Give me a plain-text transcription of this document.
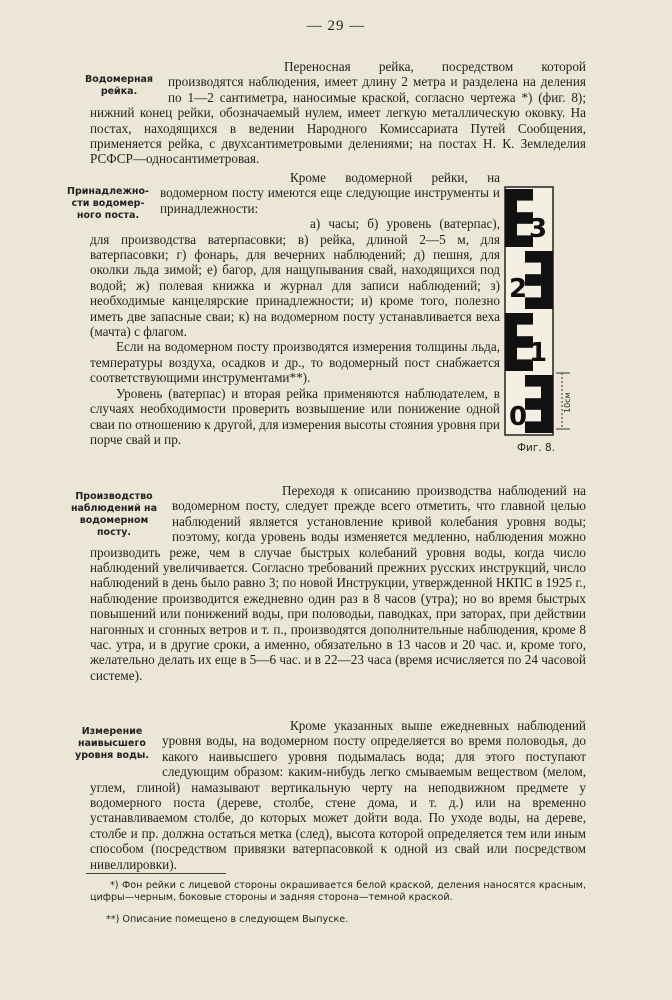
— 29 —
Водомерная рейка.
Принадлежно- сти водомер- ного поста.
Производство наблюдений на водомерном посту.
Измерение наивысшего уровня воды.

Переносная рейка, посредством которой производятся наблюдения, имеет длину 2 метра и разделена на деления по 1—2 сантиметра, наносимые краской, согласно чертежа *) (фиг. 8); нижний конец рейки, обозначаемый нулем, имеет легкую металлическую оковку. На постах, находящихся в ведении Народного Комиссариата Путей Сообщения, применяется рейка, с двухсантиметровыми делениями; на постах Н. К. Земледелия РСФСР—односантиметровая.

Кроме водомерной рейки, на водомерном посту имеются еще следующие инструменты и принадлежности:

а) часы; б) уровень (ватерпас), для производства ватерпасовки; в) рейка, длиной 2—5 м, для ватерпасовки; г) фонарь, для вечерних наблюдений; д) пешня, для околки льда зимой; е) багор, для нащупывания свай, находящихся под водой; ж) полевая книжка и журнал для записи наблюдений; з) необходимые канцелярские принадлежности; и) кроме того, полезно иметь две запасные сваи; к) на водомерном посту устанавливается веха (мачта) с флагом.

Если на водомерном посту производятся измерения толщины льда, температуры воздуха, осадков и др., то водомерный пост снабжается соответствующими инструментами**).

Уровень (ватерпас) и вторая рейка применяются наблюдателем, в случаях необходимости проверить возвышение или понижение одной сваи по отношению к другой, для измерения высоты стояния уровня при порче свай и пр.

3
2
1
0	10см
Фиг. 8.

Переходя к описанию производства наблюдений на водомерном посту, следует прежде всего отметить, что главной целью наблюдений является установление кривой колебания уровня воды; поэтому, когда уровень воды изменяется медленно, наблюдения можно производить реже, чем в случае быстрых колебаний уровня воды, когда число наблюдений увеличивается. Согласно требований прежних русских инструкций, число наблюдений в день было равно 3; по новой Инструкции, утвержденной НКПС в 1925 г., наблюдение производится ежедневно один раз в 8 часов (утра); но во время быстрых повышений или понижений воды, при половодьи, паводках, при заторах, при действии нагонных и сгонных ветров и т. п., производятся дополнительные наблюдения, кроме 8 час. утра, и в другие сроки, а именно, обязательно в 13 часов и 20 час. и, кроме того, желательно делать их еще в 5—6 час. и в 22—23 часа (время исчисляется по 24 часовой системе).

Кроме указанных выше ежедневных наблюдений уровня воды, на водомерном посту определяется во время половодья, до какого наивысшего уровня подымалась вода; для этого поступают следующим образом: каким-нибудь легко смываемым веществом (мелом, углем, глиной) намазывают вертикальную черту на неподвижном предмете у водомерного поста (дереве, столбе, стене дома, и т. д.) или на временно устанавливаемом столбе, до которых может дойти вода. По уходе воды, на дереве, столбе и пр. должна остаться метка (след), высота которой определяется тем или иным способом (посредством привязки ватерпасовкой к одной из свай или посредством нивеллировки).

*) Фон рейки с лицевой стороны окрашивается белой краской, деления наносятся красным, цифры—черным, боковые стороны и задняя сторона—темной краской.
**) Описание помещено в следующем Выпуске.
